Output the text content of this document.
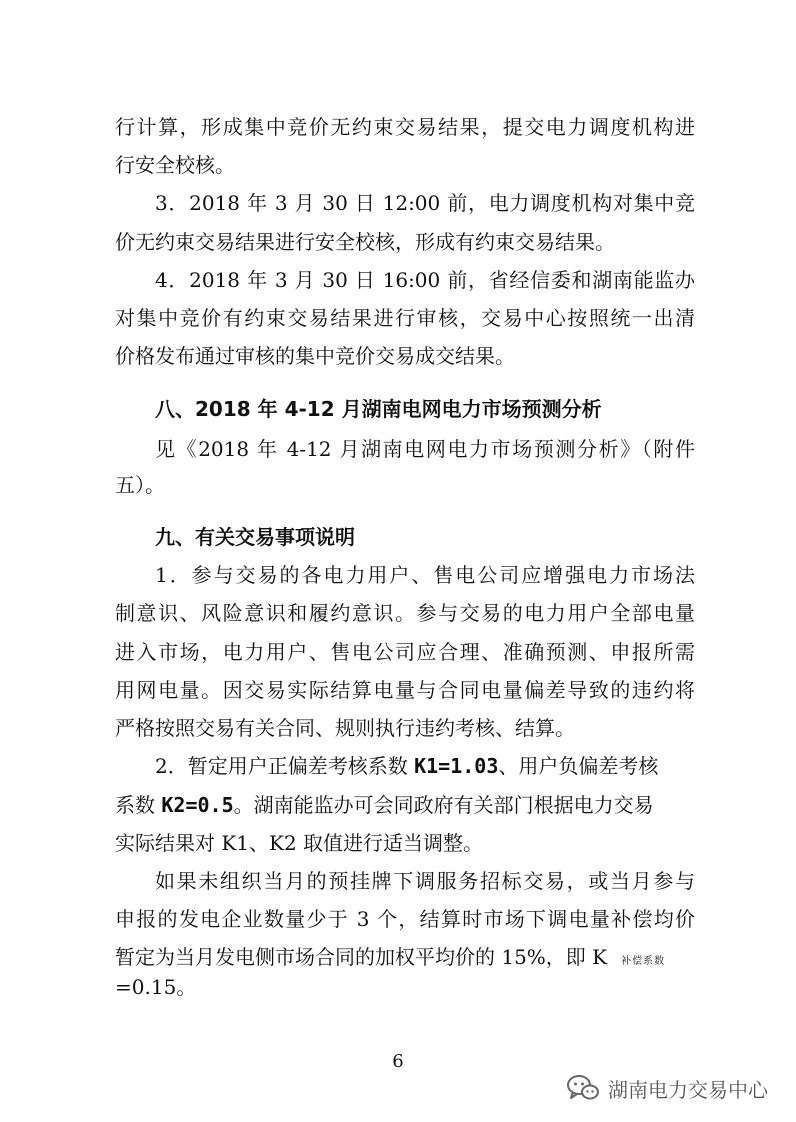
行计算，形成集中竞价无约束交易结果，提交电力调度机构进
行安全校核。
3．2018 年 3 月 30 日 12:00 前，电力调度机构对集中竞
价无约束交易结果进行安全校核，形成有约束交易结果。
4．2018 年 3 月 30 日 16:00 前，省经信委和湖南能监办
对集中竞价有约束交易结果进行审核，交易中心按照统一出清
价格发布通过审核的集中竞价交易成交结果。
八、2018 年 4-12 月湖南电网电力市场预测分析
见《2018 年 4-12 月湖南电网电力市场预测分析》（附件
五）。
九、有关交易事项说明
1．参与交易的各电力用户、售电公司应增强电力市场法
制意识、风险意识和履约意识。参与交易的电力用户全部电量
进入市场，电力用户、售电公司应合理、准确预测、申报所需
用网电量。因交易实际结算电量与合同电量偏差导致的违约将
严格按照交易有关合同、规则执行违约考核、结算。
2．暂定用户正偏差考核系数 K1=1.03、用户负偏差考核
系数 K2=0.5。湖南能监办可会同政府有关部门根据电力交易
实际结果对 K1、K2 取值进行适当调整。
如果未组织当月的预挂牌下调服务招标交易，或当月参与
申报的发电企业数量少于 3 个，结算时市场下调电量补偿均价
暂定为当月发电侧市场合同的加权平均价的 15%，即 K 补偿系数
=0.15。
6
湖南电力交易中心
